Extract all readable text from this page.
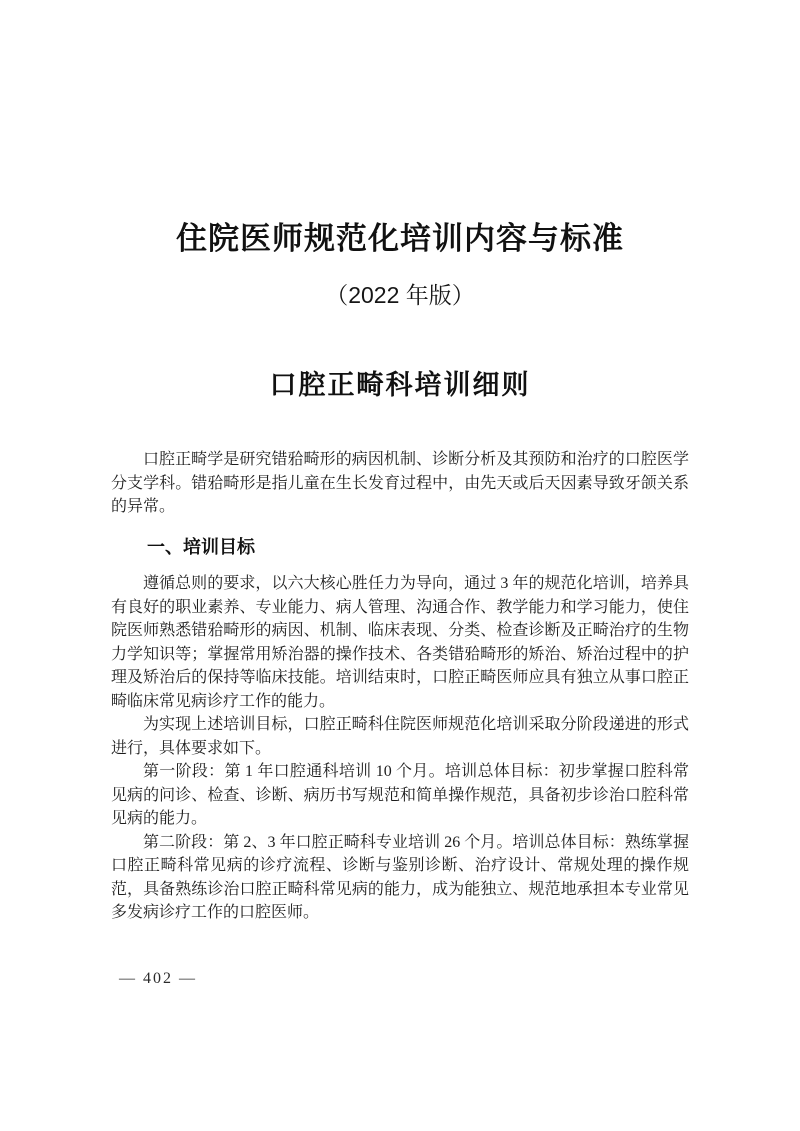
住院医师规范化培训内容与标准
（2022 年版）
口腔正畸科培训细则

口腔正畸学是研究错𬌗畸形的病因机制、诊断分析及其预防和治疗的口腔医学分支学科。错𬌗畸形是指儿童在生长发育过程中，由先天或后天因素导致牙颌关系的异常。

一、培训目标

遵循总则的要求，以六大核心胜任力为导向，通过 3 年的规范化培训，培养具有良好的职业素养、专业能力、病人管理、沟通合作、教学能力和学习能力，使住院医师熟悉错𬌗畸形的病因、机制、临床表现、分类、检查诊断及正畸治疗的生物力学知识等；掌握常用矫治器的操作技术、各类错𬌗畸形的矫治、矫治过程中的护理及矫治后的保持等临床技能。培训结束时，口腔正畸医师应具有独立从事口腔正畸临床常见病诊疗工作的能力。

为实现上述培训目标，口腔正畸科住院医师规范化培训采取分阶段递进的形式进行，具体要求如下。

第一阶段：第 1 年口腔通科培训 10 个月。培训总体目标：初步掌握口腔科常见病的问诊、检查、诊断、病历书写规范和简单操作规范，具备初步诊治口腔科常见病的能力。

第二阶段：第 2、3 年口腔正畸科专业培训 26 个月。培训总体目标：熟练掌握口腔正畸科常见病的诊疗流程、诊断与鉴别诊断、治疗设计、常规处理的操作规范，具备熟练诊治口腔正畸科常见病的能力，成为能独立、规范地承担本专业常见多发病诊疗工作的口腔医师。

— 402 —
